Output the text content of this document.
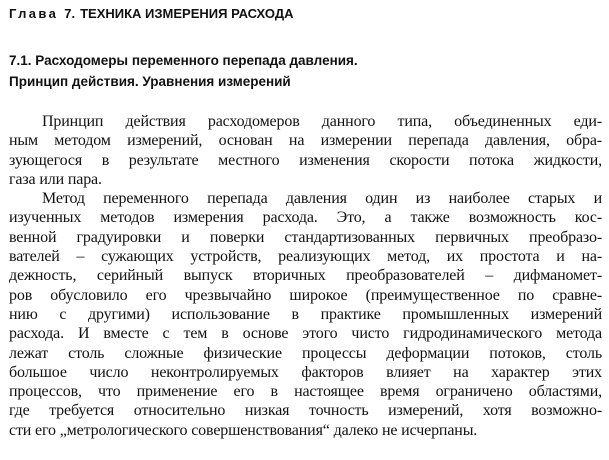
Глава 7. ТЕХНИКА ИЗМЕРЕНИЯ РАСХОДА
7.1. Расходомеры переменного перепада давления.
Принцип действия. Уравнения измерений
Принцип действия расходомеров данного типа, объединенных еди-
ным методом измерений, основан на измерении перепада давления, обра-
зующегося в результате местного изменения скорости потока жидкости,
газа или пара.
Метод переменного перепада давления один из наиболее старых и
изученных методов измерения расхода. Это, а также возможность кос-
венной градуировки и поверки стандартизованных первичных преобразо-
вателей – сужающих устройств, реализующих метод, их простота и на-
дежность, серийный выпуск вторичных преобразователей – дифманомет-
ров обусловило его чрезвычайно широкое (преимущественное по сравне-
нию с другими) использование в практике промышленных измерений
расхода. И вместе с тем в основе этого чисто гидродинамического метода
лежат столь сложные физические процессы деформации потоков, столь
большое число неконтролируемых факторов влияет на характер этих
процессов, что применение его в настоящее время ограничено областями,
где требуется относительно низкая точность измерений, хотя возможно-
сти его „метрологического совершенствования“ далеко не исчерпаны.
